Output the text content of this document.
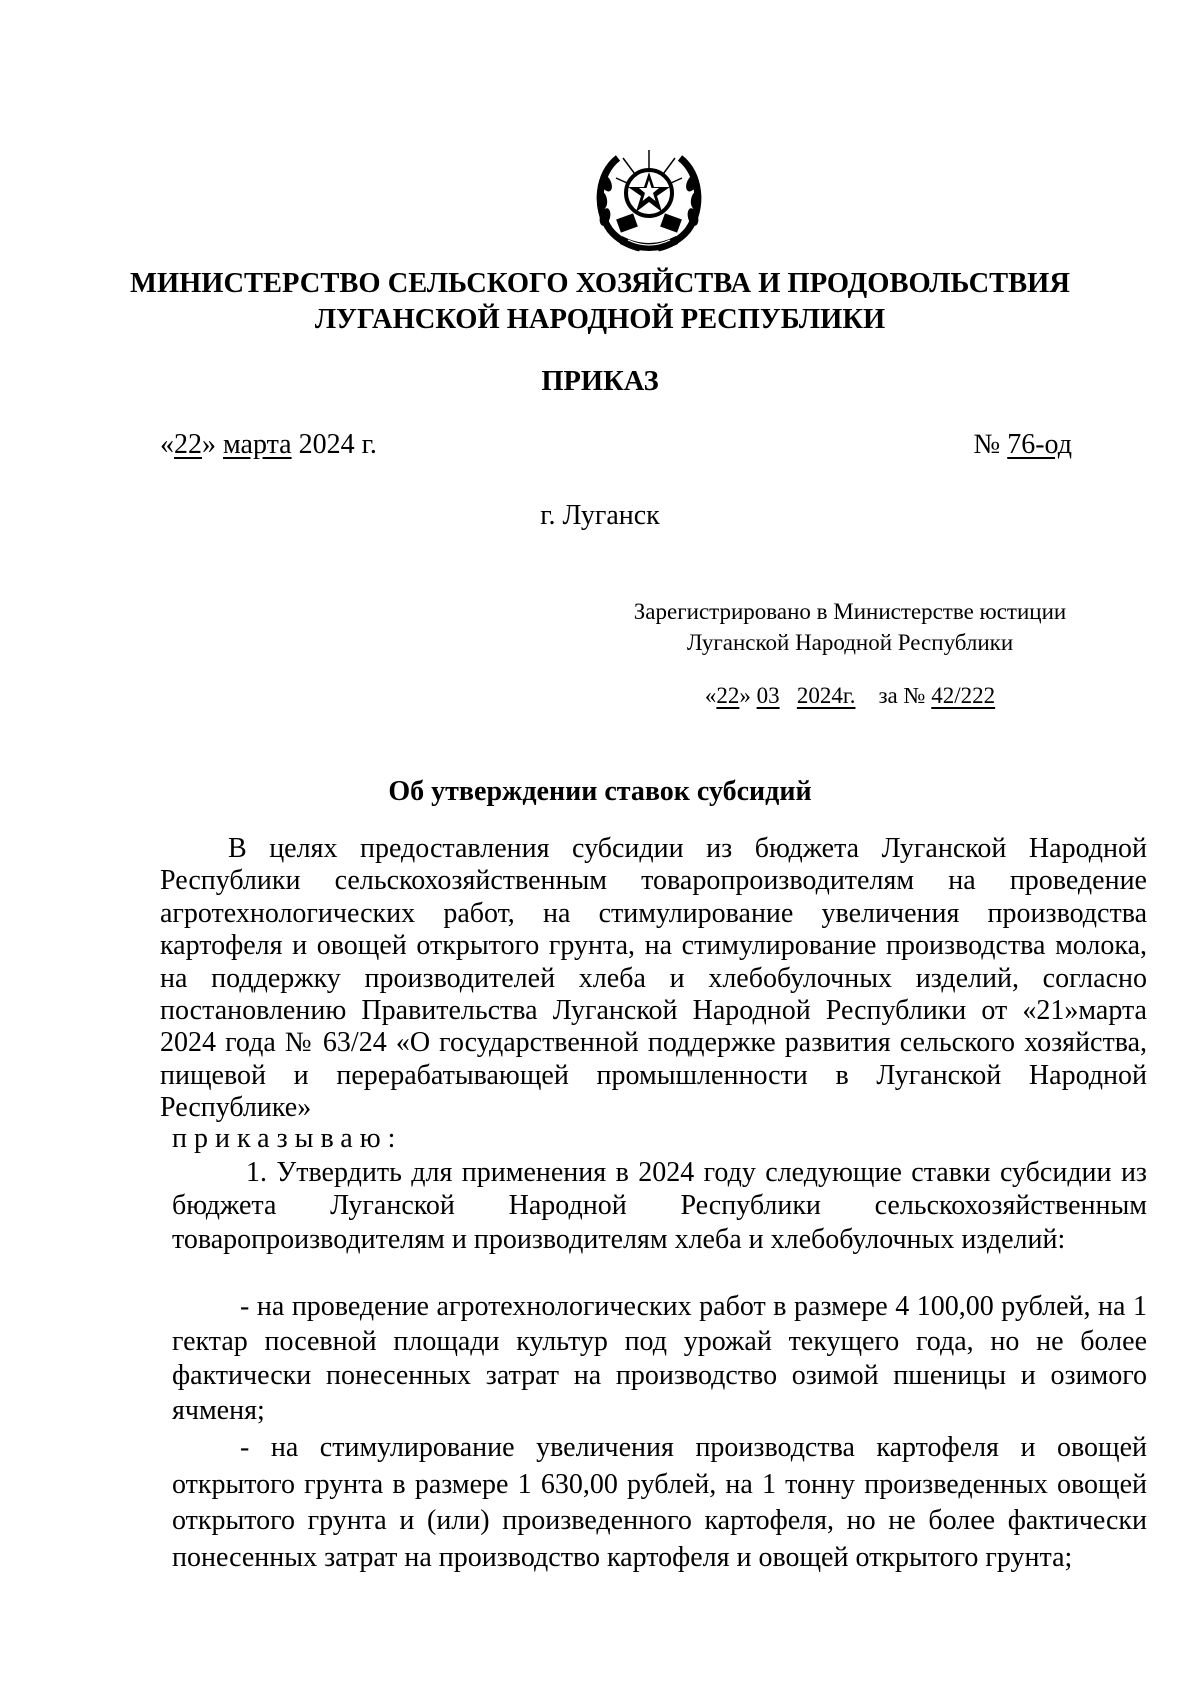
МИНИСТЕРСТВО СЕЛЬСКОГО ХОЗЯЙСТВА И ПРОДОВОЛЬСТВИЯ
ЛУГАНСКОЙ НАРОДНОЙ РЕСПУБЛИКИ
ПРИКАЗ
«22» марта 2024 г.	№ 76-од
г. Луганск
Зарегистрировано в Министерстве юстиции
Луганской Народной Республики
«22» 03 2024г. за № 42/222
Об утверждении ставок субсидий

В целях предоставления субсидии из бюджета Луганской Народной Республики сельскохозяйственным товаропроизводителям на проведение агротехнологических работ, на стимулирование увеличения производства картофеля и овощей открытого грунта, на стимулирование производства молока, на поддержку производителей хлеба и хлебобулочных изделий, согласно постановлению Правительства Луганской Народной Республики от «21»марта 2024 года № 63/24 «О государственной поддержке развития сельского хозяйства, пищевой и перерабатывающей промышленности в Луганской Народной Республике»

приказываю:

1. Утвердить для применения в 2024 году следующие ставки субсидии из бюджета Луганской Народной Республики сельскохозяйственным товаропроизводителям и производителям хлеба и хлебобулочных изделий:

- на проведение агротехнологических работ в размере 4 100,00 рублей, на 1 гектар посевной площади культур под урожай текущего года, но не более фактически понесенных затрат на производство озимой пшеницы и озимого ячменя;

- на стимулирование увеличения производства картофеля и овощей открытого грунта в размере 1 630,00 рублей, на 1 тонну произведенных овощей открытого грунта и (или) произведенного картофеля, но не более фактически понесенных затрат на производство картофеля и овощей открытого грунта;
